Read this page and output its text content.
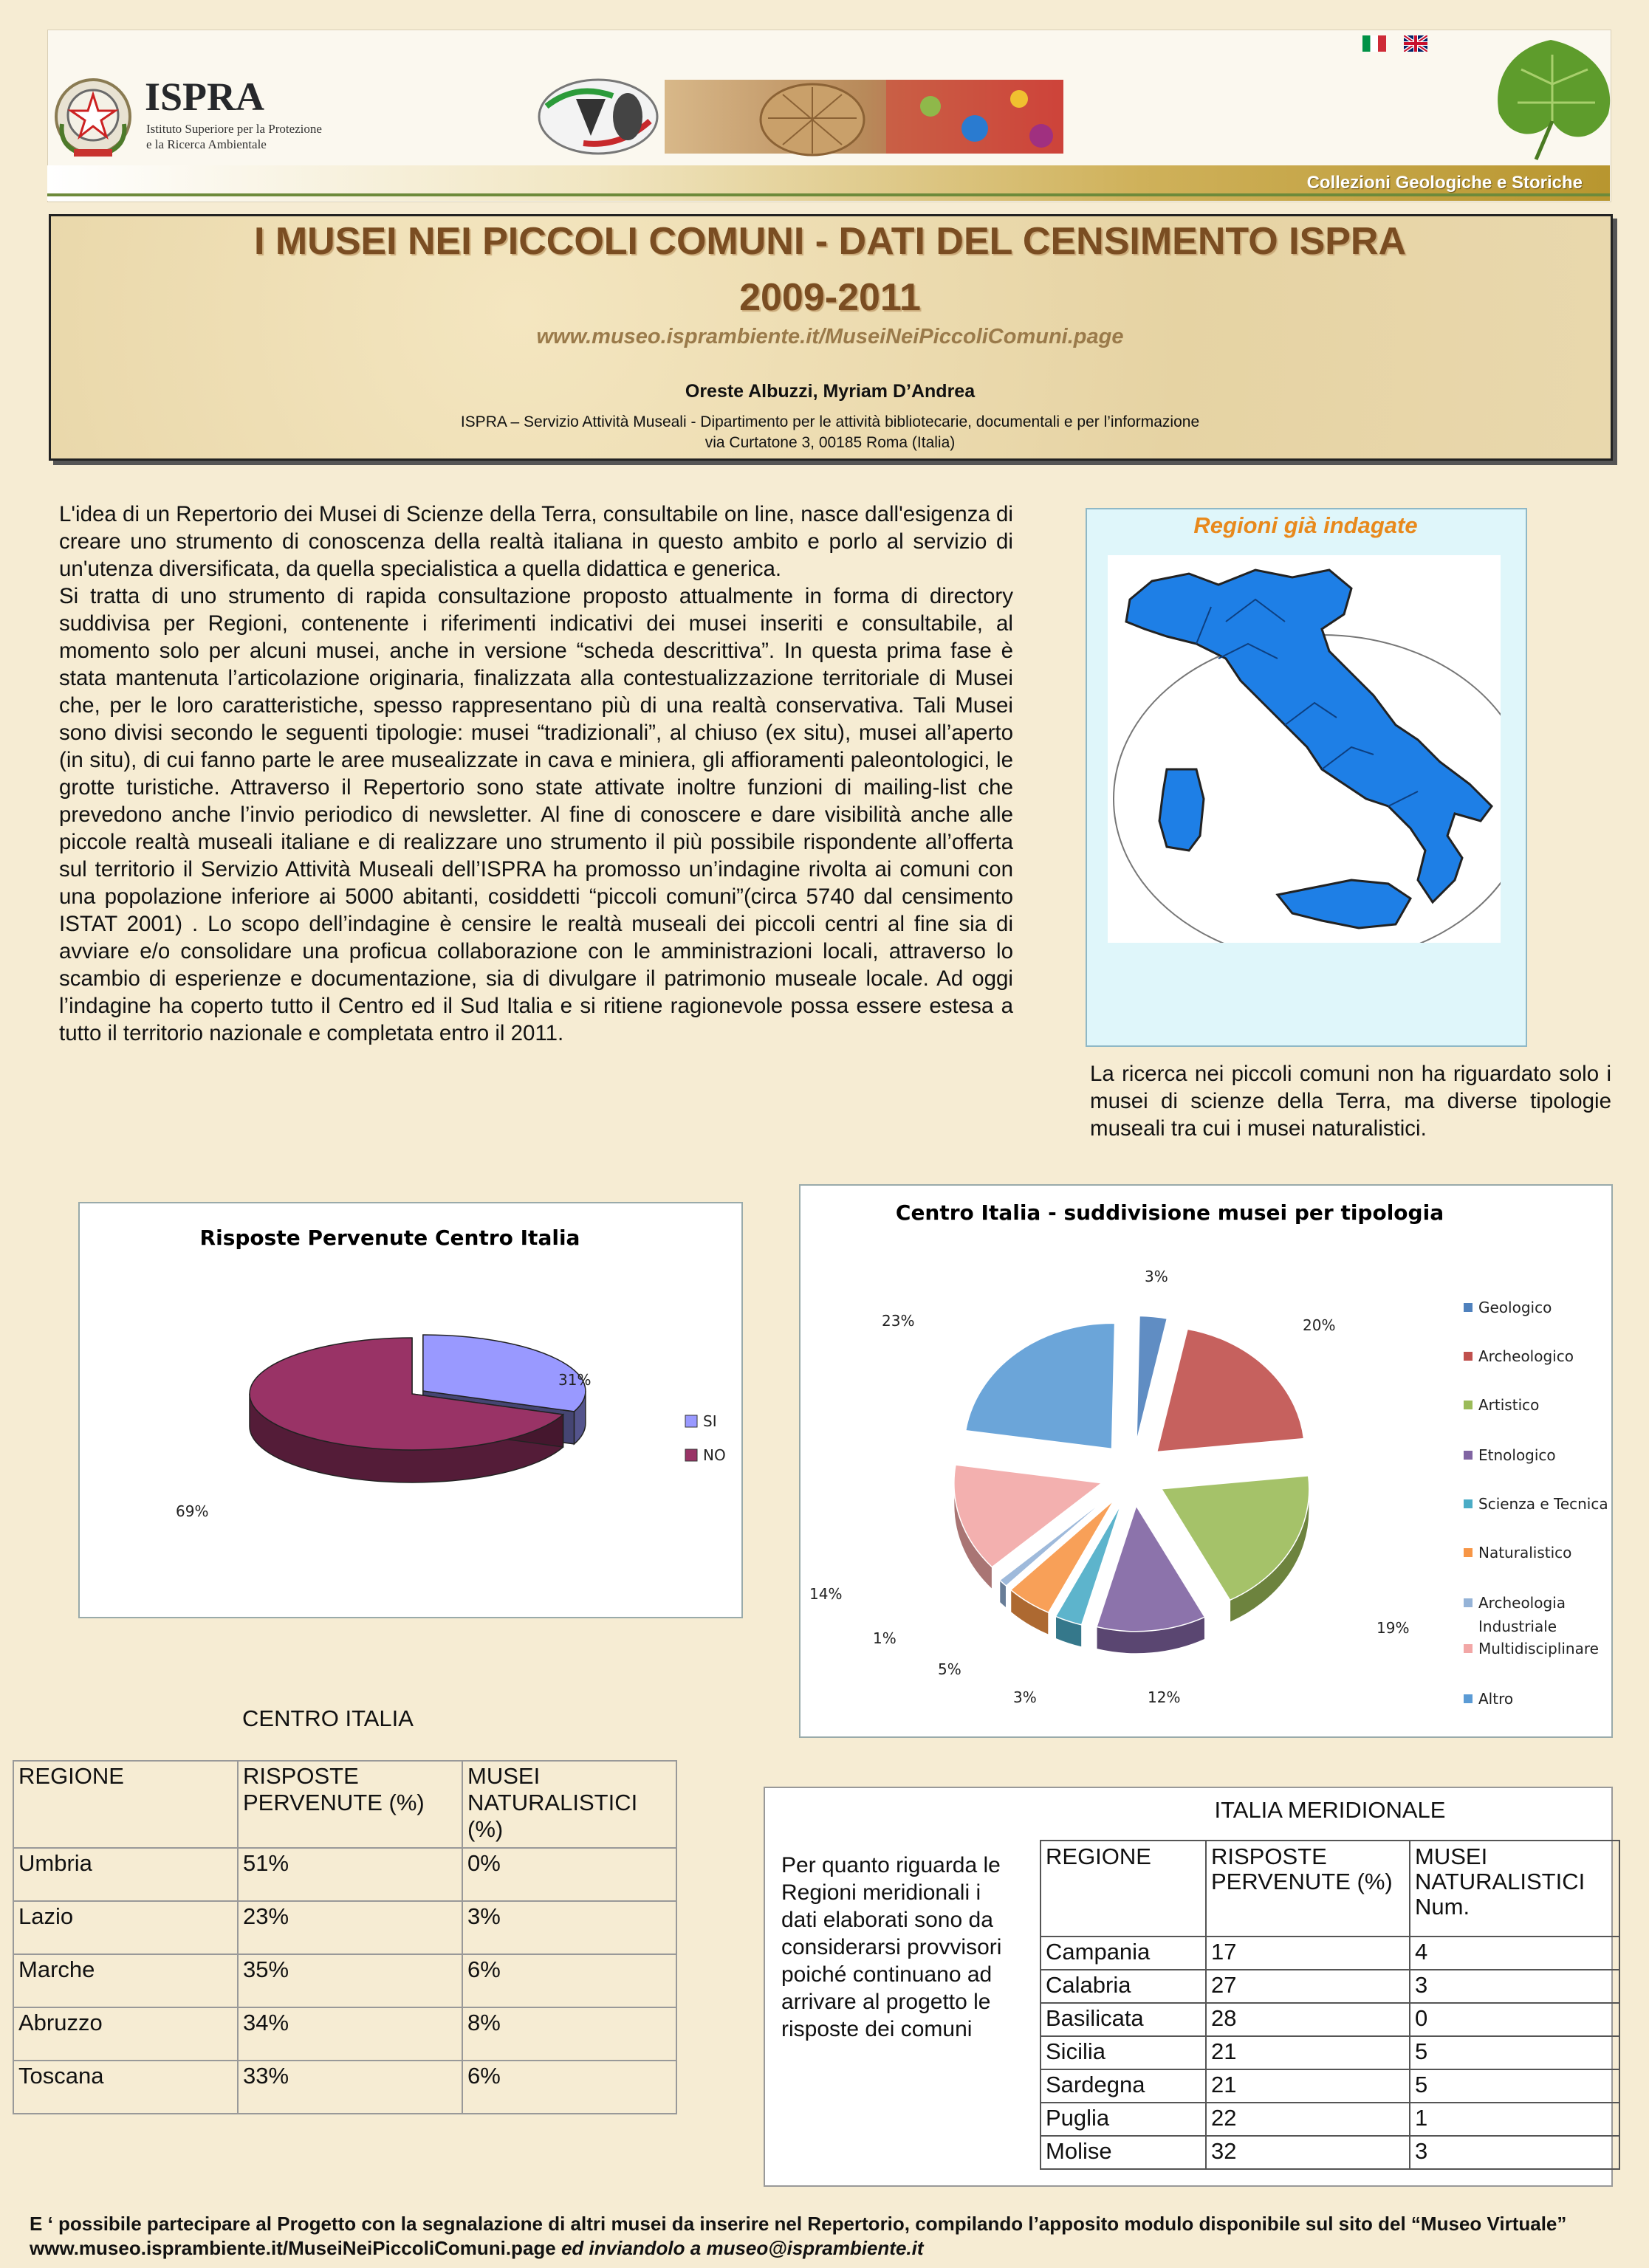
Collezioni Geologiche e Storiche
ISPRA
Istituto Superiore per la Protezione
e la Ricerca Ambientale

I MUSEI NEI PICCOLI COMUNI - DATI DEL CENSIMENTO ISPRA
2009-2011
www.museo.isprambiente.it/MuseiNeiPiccoliComuni.page
Oreste Albuzzi, Myriam D’Andrea
ISPRA – Servizio Attività Museali - Dipartimento per le attività bibliotecarie, documentali e per l’informazione
via Curtatone 3, 00185 Roma (Italia)
L'idea di un Repertorio dei Musei di Scienze della Terra, consultabile on line, nasce dall'esigenza di creare uno strumento di conoscenza della realtà italiana in questo ambito e porlo al servizio di un'utenza diversificata, da quella specialistica a quella didattica e generica.
Si tratta di uno strumento di rapida consultazione proposto attualmente in forma di directory suddivisa per Regioni, contenente i riferimenti indicativi dei musei inseriti e consultabile, al momento solo per alcuni musei, anche in versione “scheda descrittiva”. In questa prima fase è stata mantenuta l’articolazione originaria, finalizzata alla contestualizzazione territoriale di Musei che, per le loro caratteristiche, spesso rappresentano più di una realtà conservativa. Tali Musei sono divisi secondo le seguenti tipologie: musei “tradizionali”, al chiuso (ex situ), musei all’aperto (in situ), di cui fanno parte le aree musealizzate in cava e miniera, gli affioramenti paleontologici, le grotte turistiche. Attraverso il Repertorio sono state attivate inoltre funzioni di mailing-list che prevedono anche l’invio periodico di newsletter. Al fine di conoscere e dare visibilità anche alle piccole realtà museali italiane e di realizzare uno strumento il più possibile rispondente all’offerta sul territorio il Servizio Attività Museali dell’ISPRA ha promosso un’indagine rivolta ai comuni con una popolazione inferiore ai 5000 abitanti, cosiddetti “piccoli comuni”(circa 5740 dal censimento ISTAT 2001) . Lo scopo dell’indagine è censire le realtà museali dei piccoli centri al fine sia di avviare e/o consolidare una proficua collaborazione con le amministrazioni locali, attraverso lo scambio di esperienze e documentazione, sia di divulgare il patrimonio museale locale. Ad oggi l’indagine ha coperto tutto il Centro ed il Sud Italia e si ritiene ragionevole possa essere estesa a tutto il territorio nazionale e completata entro il 2011.
Regioni già indagate
La ricerca nei piccoli comuni non ha riguardato solo i musei di scienze della Terra, ma diverse tipologie museali tra cui i musei naturalistici.
Risposte Pervenute Centro Italia
31%
69%
SI
NO
Centro Italia - suddivisione musei per tipologia
3%
20%
19%
12%
3%
5%
1%
14%
23%
Geologico
Archeologico
Artistico
Etnologico
Scienza e Tecnica
Naturalistico
Archeologia
Industriale
Multidisciplinare
Altro
CENTRO ITALIA
REGIONE	RISPOSTE PERVENUTE (%)	MUSEI NATURALISTICI (%)
Umbria	51%	0%
Lazio	23%	3%
Marche	35%	6%
Abruzzo	34%	8%
Toscana	33%	6%
ITALIA MERIDIONALE
Per quanto riguarda le Regioni meridionali i dati elaborati sono da considerarsi provvisori poiché continuano ad arrivare al progetto le risposte dei comuni
REGIONE	RISPOSTE PERVENUTE (%)	MUSEI NATURALISTICI Num.
Campania	17	4
Calabria	27	3
Basilicata	28	0
Sicilia	21	5
Sardegna	21	5
Puglia	22	1
Molise	32	3
E ‘ possibile partecipare al Progetto con la segnalazione di altri musei da inserire nel Repertorio, compilando l’apposito modulo disponibile sul sito del “Museo Virtuale” www.museo.isprambiente.it/MuseiNeiPiccoliComuni.page ed inviandolo a museo@isprambiente.it
